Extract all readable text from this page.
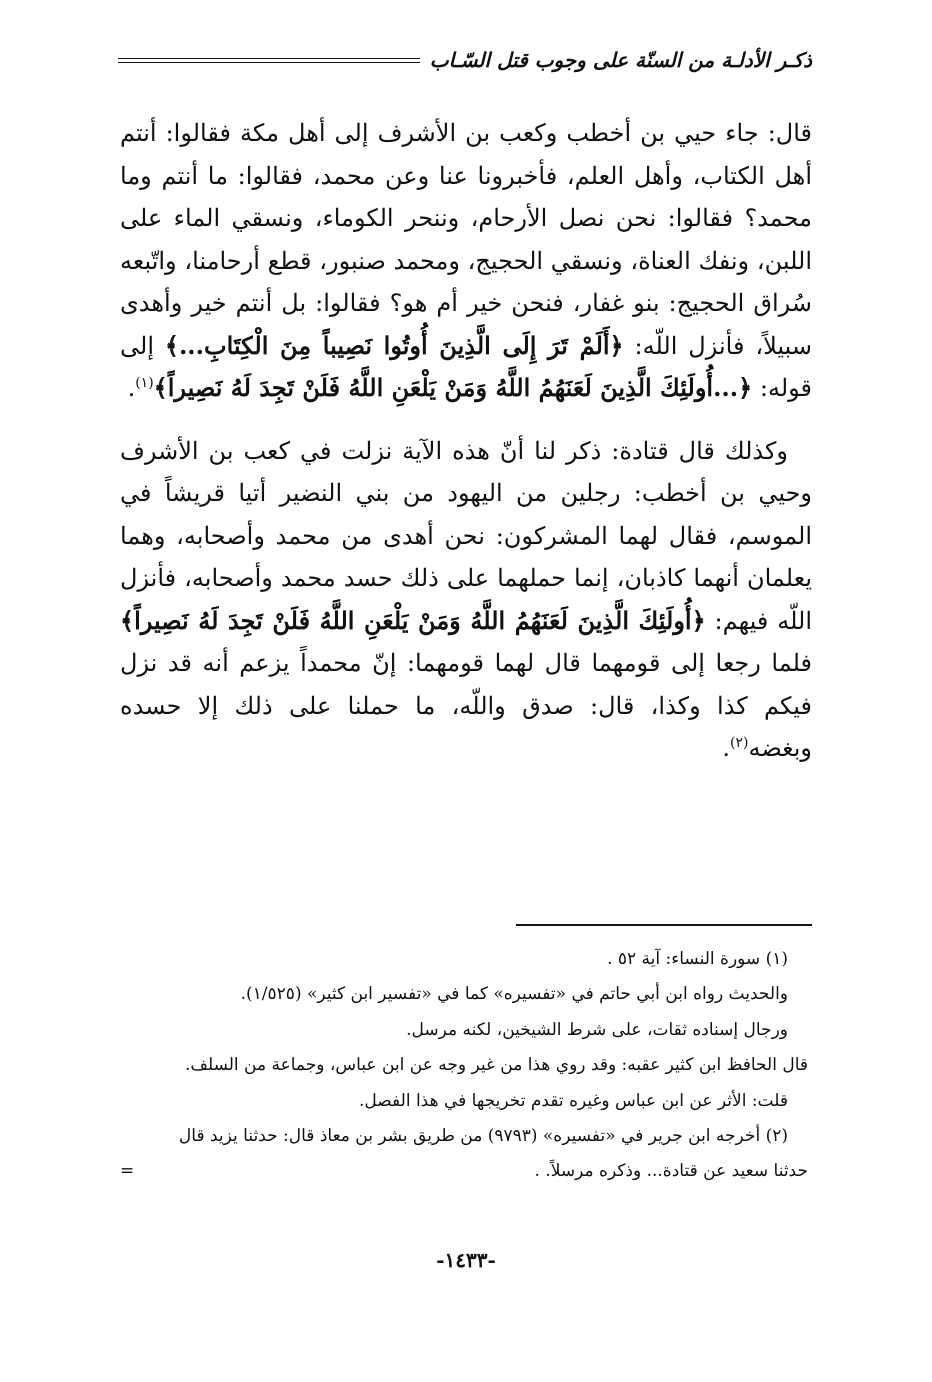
ذكـر الأدلـة من السنّة على وجوب قتل السّـاب

قال: جاء حيي بن أخطب وكعب بن الأشرف إلى أهل مكة فقالوا: أنتم أهل الكتاب، وأهل العلم، فأخبرونا عنا وعن محمد، فقالوا: ما أنتم وما محمد؟ فقالوا: نحن نصل الأرحام، وننحر الكوماء، ونسقي الماء على اللبن، ونفك العناة، ونسقي الحجيج، ومحمد صنبور، قطع أرحامنا، واتّبعه سُراق الحجيج: بنو غفار، فنحن خير أم هو؟ فقالوا: بل أنتم خير وأهدى سبيلاً، فأنزل اللّه: ﴿أَلَمْ تَرَ إِلَى الَّذِينَ أُوتُوا نَصِيباً مِنَ الْكِتَابِ...﴾ إلى قوله: ﴿...أُولَئِكَ الَّذِينَ لَعَنَهُمُ اللَّهُ وَمَنْ يَلْعَنِ اللَّهُ فَلَنْ تَجِدَ لَهُ نَصِيراً﴾$^{(١)}$.

وكذلك قال قتادة: ذكر لنا أنّ هذه الآية نزلت في كعب بن الأشرف وحيي بن أخطب: رجلين من اليهود من بني النضير أتيا قريشاً في الموسم، فقال لهما المشركون: نحن أهدى من محمد وأصحابه، وهما يعلمان أنهما كاذبان، إنما حملهما على ذلك حسد محمد وأصحابه، فأنزل اللّه فيهم: ﴿أُولَئِكَ الَّذِينَ لَعَنَهُمُ اللَّهُ وَمَنْ يَلْعَنِ اللَّهُ فَلَنْ تَجِدَ لَهُ نَصِيراً﴾ فلما رجعا إلى قومهما قال لهما قومهما: إنّ محمداً يزعم أنه قد نزل فيكم كذا وكذا، قال: صدق واللّه، ما حملنا على ذلك إلا حسده وبغضه$^{(٢)}$.

(١) سورة النساء: آية ٥٢ .
والحديث رواه ابن أبي حاتم في «تفسيره» كما في «تفسير ابن كثير» (١/٥٢٥).
ورجال إسناده ثقات، على شرط الشيخين، لكنه مرسل.
قال الحافظ ابن كثير عقبه: وقد روي هذا من غير وجه عن ابن عباس، وجماعة من السلف.
قلت: الأثر عن ابن عباس وغيره تقدم تخريجها في هذا الفصل.
(٢) أخرجه ابن جرير في «تفسيره» (٩٧٩٣) من طريق بشر بن معاذ قال: حدثنا يزيد قال
حدثنا سعيد عن قتادة... وذكره مرسلاً. .
=
-١٤٣٣-
